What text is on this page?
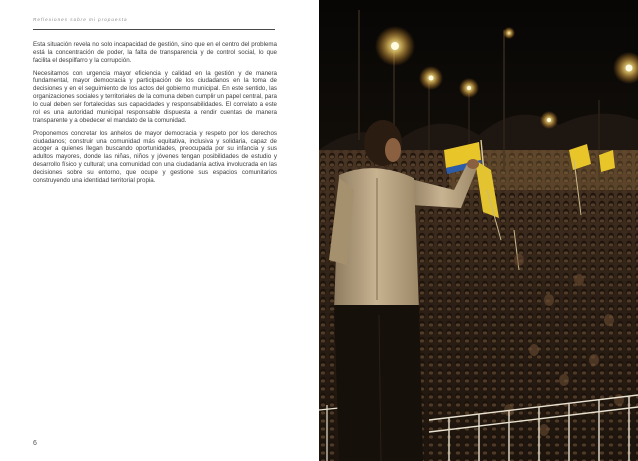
Reflexiones sobre mi propuesta

Esta situación revela no solo incapacidad de gestión, sino que en el centro del problema está la concentración de poder, la falta de transparencia y de control social, lo que facilita el despilfarro y la corrupción.

Necesitamos con urgencia mayor eficiencia y calidad en la gestión y de manera fundamental, mayor democracia y participación de los ciudadanos en la toma de decisiones y en el seguimiento de los actos del gobierno municipal. En este sentido, las organizaciones sociales y territoriales de la comuna deben cumplir un papel central, para lo cual deben ser fortalecidas sus capacidades y responsabilidades. El correlato a este rol es una autoridad municipal responsable dispuesta a rendir cuentas de manera transparente y a obedecer el mandato de la comunidad.

Proponemos concretar los anhelos de mayor democracia y respeto por los derechos ciudadanos; construir una comunidad más equitativa, inclusiva y solidaria, capaz de acoger a quienes llegan buscando oportunidades, preocupada por su infancia y sus adultos mayores, donde las niñas, niños y jóvenes tengan posibilidades de estudio y desarrollo físico y cultural; una comunidad con una ciudadanía activa involucrada en las decisiones sobre su entorno, que ocupe y gestione sus espacios comunitarios construyendo una identidad territorial propia.

6
